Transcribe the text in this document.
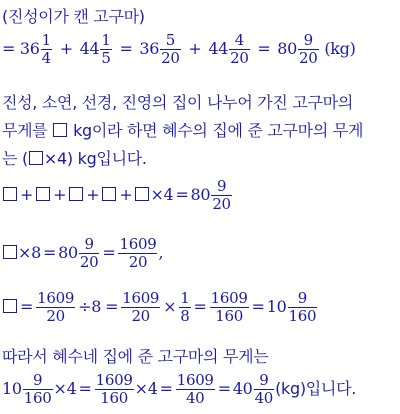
(진성이가 캔 고구마)
= $36 \frac{1}{4} + 44 \frac{1}{5} = 36 \frac{5}{20} + 44 \frac{4}{20} = 80 \frac{9}{20} (kg)$
진성, 소연, 선경, 진영의 집이 나누어 가진 고구마의
무게를 kg이라 하면 혜수의 집에 준 고구마의 무게
는 ( ×4) kg입니다.
+ + + + $\times 4 = 80 \frac{9}{20}$
$\times 8 = 80 \frac{9}{20} = \frac{1609}{20}$ ,
= $\frac{1609}{20} \div 8 = \frac{1609}{20} \times \frac{1}{8} = \frac{1609}{160} = 10 \frac{9}{160}$
따라서 혜수네 집에 준 고구마의 무게는
$10 \frac{9}{160} \times 4 = \frac{1609}{160} \times 4 = \frac{1609}{40} = 40 \frac{9}{40} (kg)$입니다.
